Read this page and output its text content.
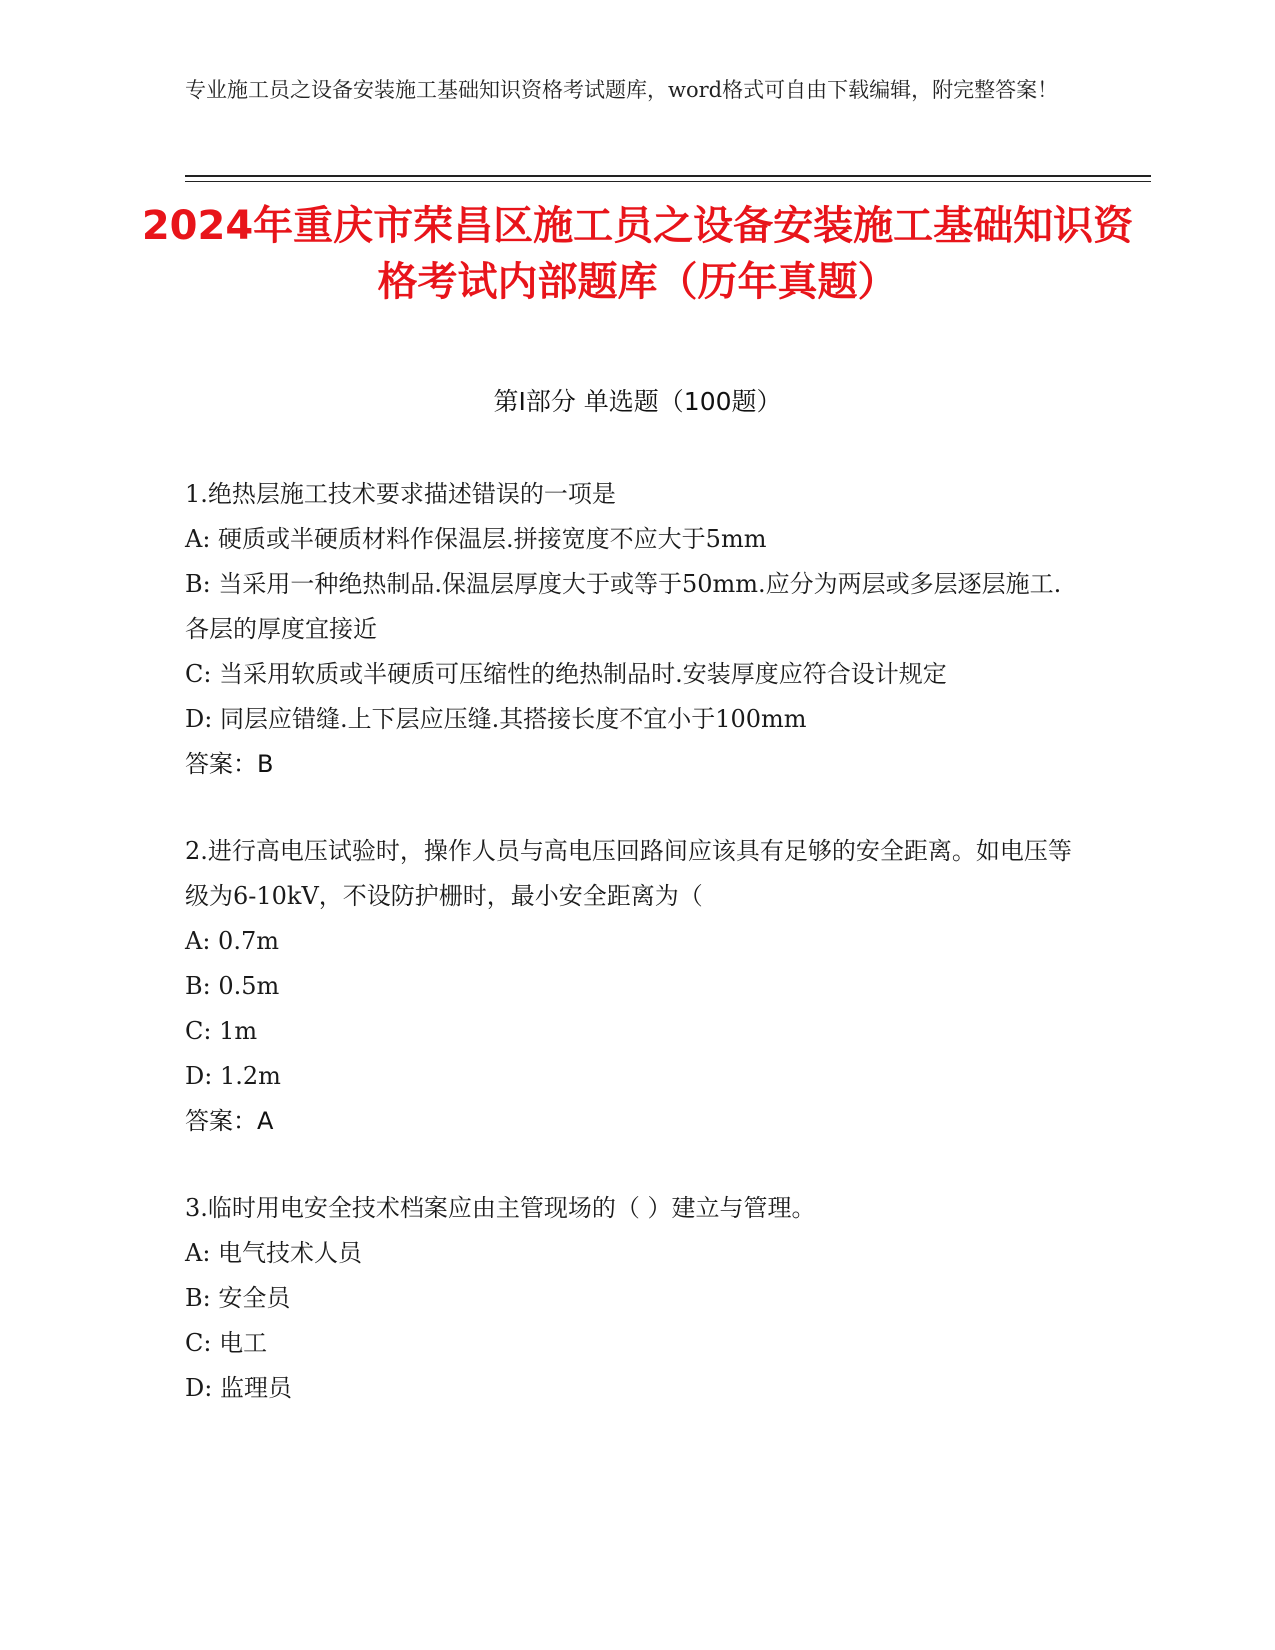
专业施工员之设备安装施工基础知识资格考试题库，word格式可自由下载编辑，附完整答案！
2024年重庆市荣昌区施工员之设备安装施工基础知识资格考试内部题库（历年真题）
第Ⅰ部分 单选题（100题）
1.绝热层施工技术要求描述错误的一项是
A: 硬质或半硬质材料作保温层.拼接宽度不应大于5mm
B: 当采用一种绝热制品.保温层厚度大于或等于50mm.应分为两层或多层逐层施工.各层的厚度宜接近
C: 当采用软质或半硬质可压缩性的绝热制品时.安装厚度应符合设计规定
D: 同层应错缝.上下层应压缝.其搭接长度不宜小于100mm
答案：B
2.进行高电压试验时，操作人员与高电压回路间应该具有足够的安全距离。如电压等级为6-10kV，不设防护栅时，最小安全距离为（
A: 0.7m
B: 0.5m
C: 1m
D: 1.2m
答案：A
3.临时用电安全技术档案应由主管现场的（ ）建立与管理。
A: 电气技术人员
B: 安全员
C: 电工
D: 监理员
